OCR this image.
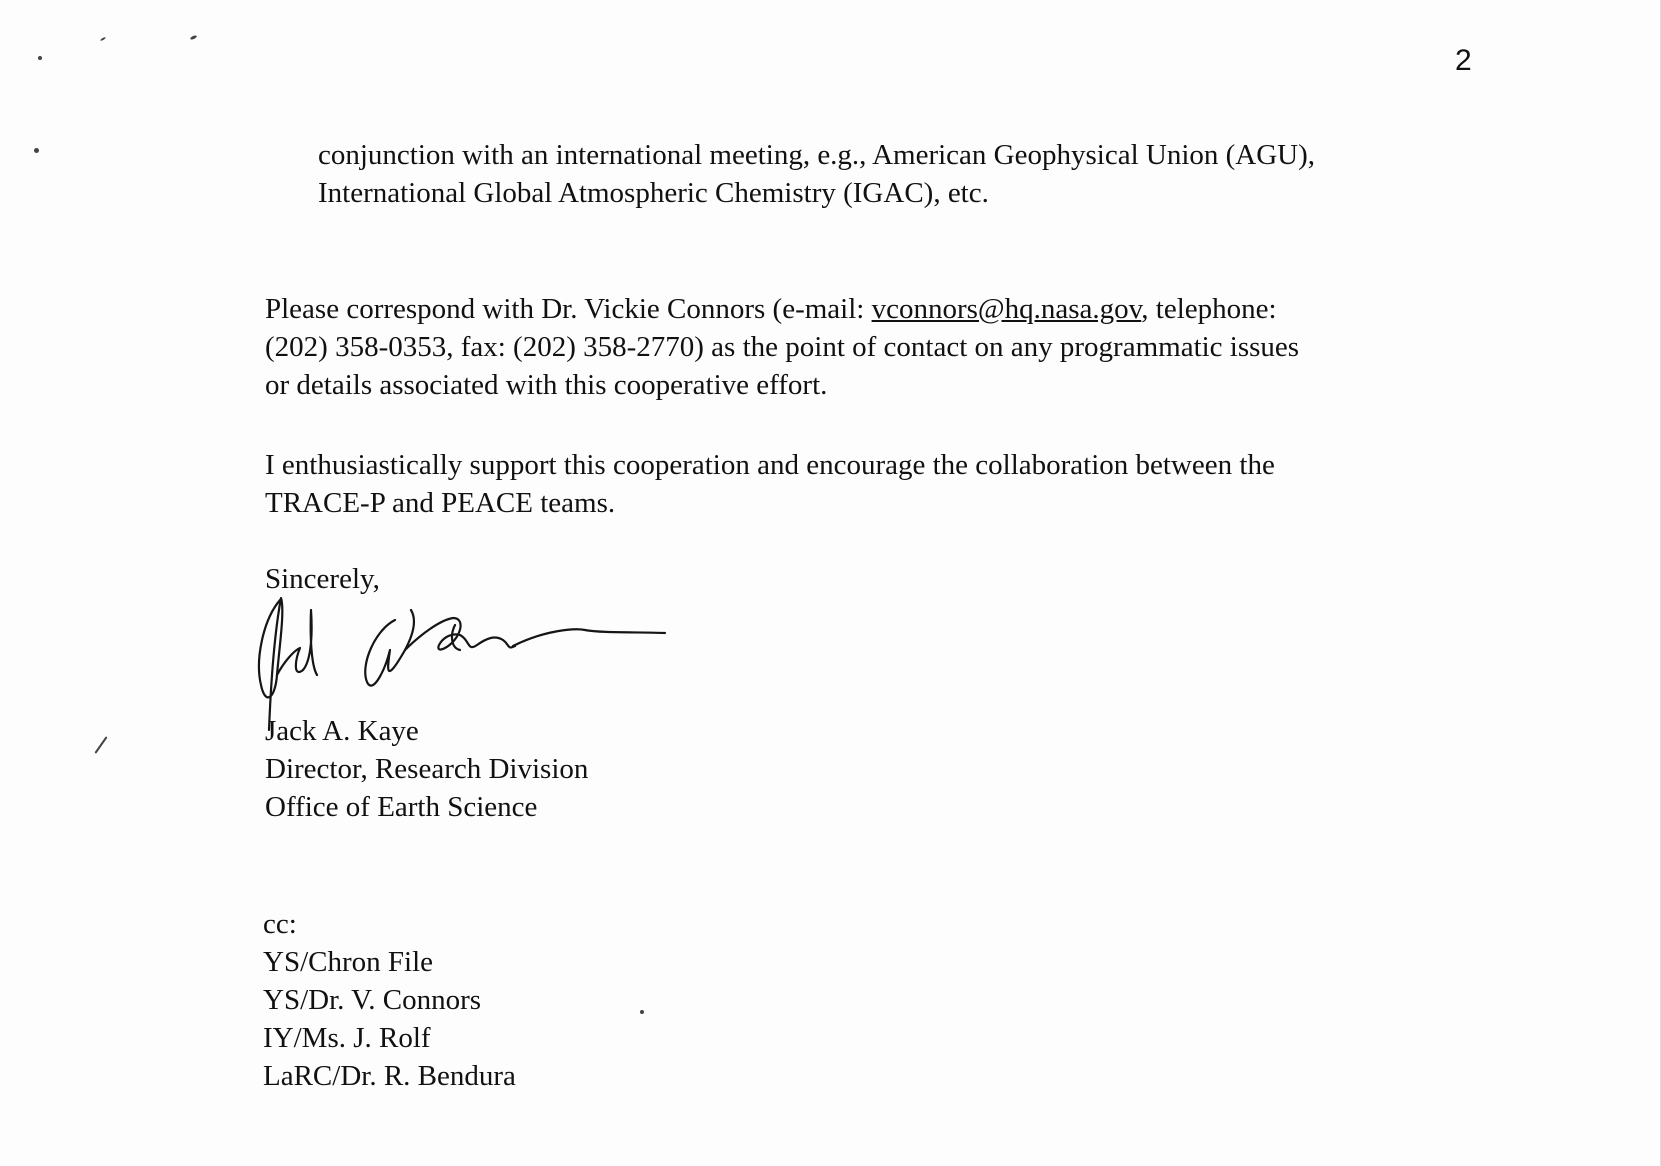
2

conjunction with an international meeting, e.g., American Geophysical Union (AGU),
International Global Atmospheric Chemistry (IGAC), etc.

Please correspond with Dr. Vickie Connors (e-mail: vconnors@hq.nasa.gov, telephone:
(202) 358-0353, fax: (202) 358-2770) as the point of contact on any programmatic issues
or details associated with this cooperative effort.

I enthusiastically support this cooperation and encourage the collaboration between the
TRACE-P and PEACE teams.

Sincerely,

Jack A. Kaye
Director, Research Division
Office of Earth Science

cc:
YS/Chron File
YS/Dr. V. Connors
IY/Ms. J. Rolf
LaRC/Dr. R. Bendura
